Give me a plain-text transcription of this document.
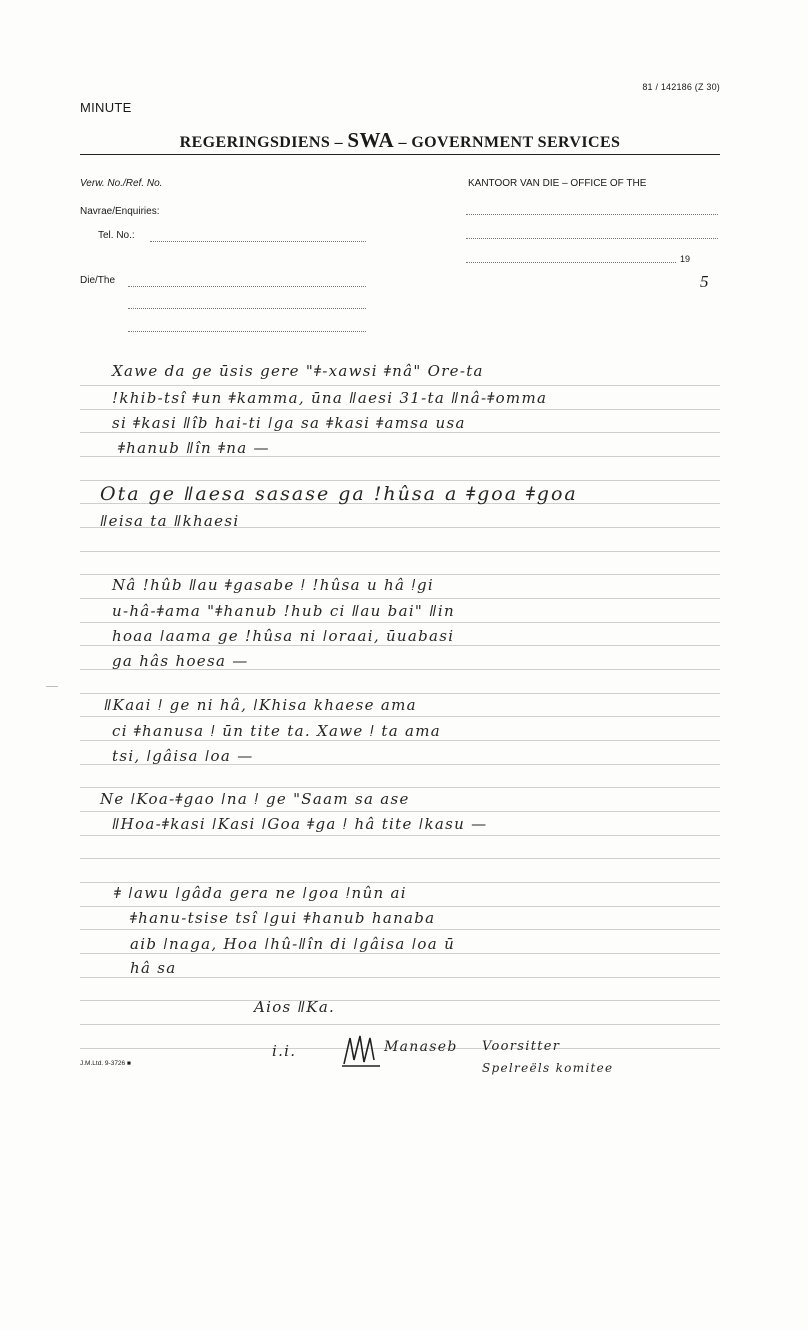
81 / 142186 (Z 30)
MINUTE
REGERINGSDIENS – SWA – GOVERNMENT SERVICES
Verw. No./Ref. No.
Navrae/Enquiries:
Tel. No.:
Die/The
KANTOOR VAN DIE – OFFICE OF THE
19
5
Xawe da ge ūsis gere "ǂ-xawsi ǂnâ" Ore-ta
!khib-tsî ǂun ǂkamma, ūna ǁaesi 31-ta ǁnâ-ǂomma
si ǂkasi ǁîb hai-ti ǀga sa ǂkasi ǂamsa usa
ǂhanub ǁîn ǂna —
Ota ge ǁaesa sasase ga !hûsa a ǂgoa ǂgoa
ǁeisa ta ǁkhaesi
Nâ !hûb ǁau ǂgasabe ǃ !hûsa u hâ ǃgi
u-hâ-ǂama "ǂhanub !hub ci ǁau bai" ǁin
hoaa ǀaama ge !hûsa ni ǀoraai, ūuabasi
ga hâs hoesa —
ǁKaai ǃ ge ni hâ, ǀKhisa khaese ama
ci ǂhanusa ǃ ūn tite ta. Xawe ǃ ta ama
tsi, ǀgâisa ǀoa —
Ne ǀKoa-ǂgao ǀna ǃ ge "Saam sa ase
ǁHoa-ǂkasi ǀKasi ǀGoa ǂga ǃ hâ tite ǀkasu —
ǂ ǀawu ǀgâda gera ne ǀgoa ǃnûn ai
ǂhanu-tsise tsî ǀgui ǂhanub hanaba
aib ǀnaga, Hoa ǀhû-ǁîn di ǀgâisa ǀoa ū
hâ sa
Aios ǁKa.
i.i.	Manaseb Voorsitter
Spelreëls komitee
J.M.Ltd. 9-3726 ■
